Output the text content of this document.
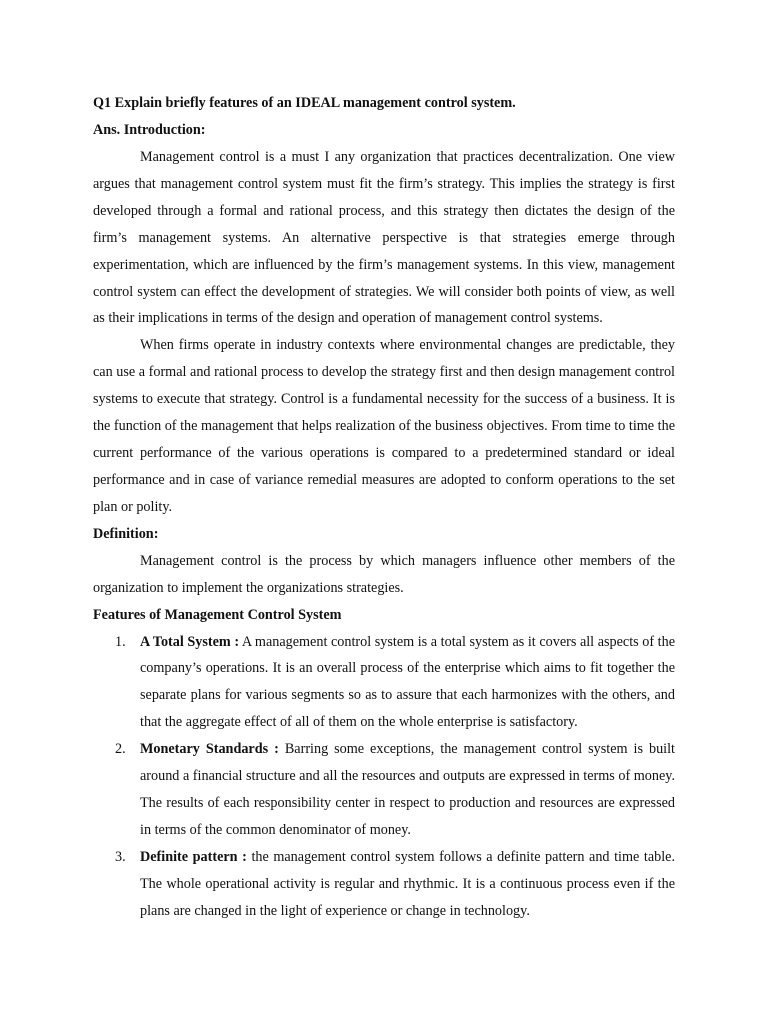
Q1 Explain briefly features of an IDEAL management control system.

Ans. Introduction:

Management control is a must I any organization that practices decentralization. One view argues that management control system must fit the firm’s strategy. This implies the strategy is first developed through a formal and rational process, and this strategy then dictates the design of the firm’s management systems. An alternative perspective is that strategies emerge through experimentation, which are influenced by the firm’s management systems. In this view, management control system can effect the development of strategies. We will consider both points of view, as well as their implications in terms of the design and operation of management control systems.

When firms operate in industry contexts where environmental changes are predictable, they can use a formal and rational process to develop the strategy first and then design management control systems to execute that strategy. Control is a fundamental necessity for the success of a business. It is the function of the management that helps realization of the business objectives. From time to time the current performance of the various operations is compared to a predetermined standard or ideal performance and in case of variance remedial measures are adopted to conform operations to the set plan or polity.

Definition:

Management control is the process by which managers influence other members of the organization to implement the organizations strategies.

Features of Management Control System

1. A Total System : A management control system is a total system as it covers all aspects of the company’s operations. It is an overall process of the enterprise which aims to fit together the separate plans for various segments so as to assure that each harmonizes with the others, and that the aggregate effect of all of them on the whole enterprise is satisfactory.
2. Monetary Standards : Barring some exceptions, the management control system is built around a financial structure and all the resources and outputs are expressed in terms of money. The results of each responsibility center in respect to production and resources are expressed in terms of the common denominator of money.
3. Definite pattern : the management control system follows a definite pattern and time table. The whole operational activity is regular and rhythmic. It is a continuous process even if the plans are changed in the light of experience or change in technology.
